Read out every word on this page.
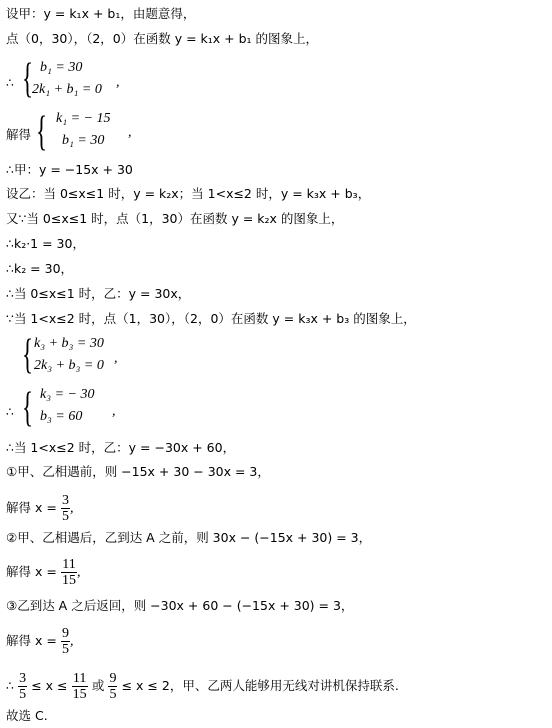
设甲：y = k₁x + b₁，由题意得，
点（0，30），（2，0）在函数 y = k₁x + b₁ 的图象上，
∴ { b₁ = 30
2k₁ + b₁ = 0 ,
解得 { k₁ = − 15
b₁ = 30
,
∴甲：y = −15x + 30
设乙：当 0≤x≤1 时，y = k₂x；当 1<x≤2 时，y = k₃x + b₃，
又∵当 0≤x≤1 时，点（1，30）在函数 y = k₂x 的图象上，
∴k₂·1 = 30，
∴k₂ = 30，
∴当 0≤x≤1 时，乙：y = 30x，
∵当 1<x≤2 时，点（1，30），（2，0）在函数 y = k₃x + b₃ 的图象上，
{ k₃ + b₃ = 30
2k₃ + b₃ = 0 ,
∴ { k₃ = − 30
b₃ = 60 ,
∴当 1<x≤2 时，乙：y = −30x + 60，
①甲、乙相遇前，则 −15x + 30 − 30x = 3，
解得 $x = \frac{3}{5}$ ,
②甲、乙相遇后，乙到达 A 之前，则 30x − (−15x + 30) = 3，
解得 $x = \frac{11}{15}$ ,
③乙到达 A 之后返回，则 −30x + 60 − (−15x + 30) = 3，
解得 $x = \frac{9}{5}$ ,
∴ $\frac{3}{5} \le x \le \frac{11}{15}$ 或 $\frac{9}{5} \le x \le 2$，甲、乙两人能够用无线对讲机保持联系.
故选 C.
